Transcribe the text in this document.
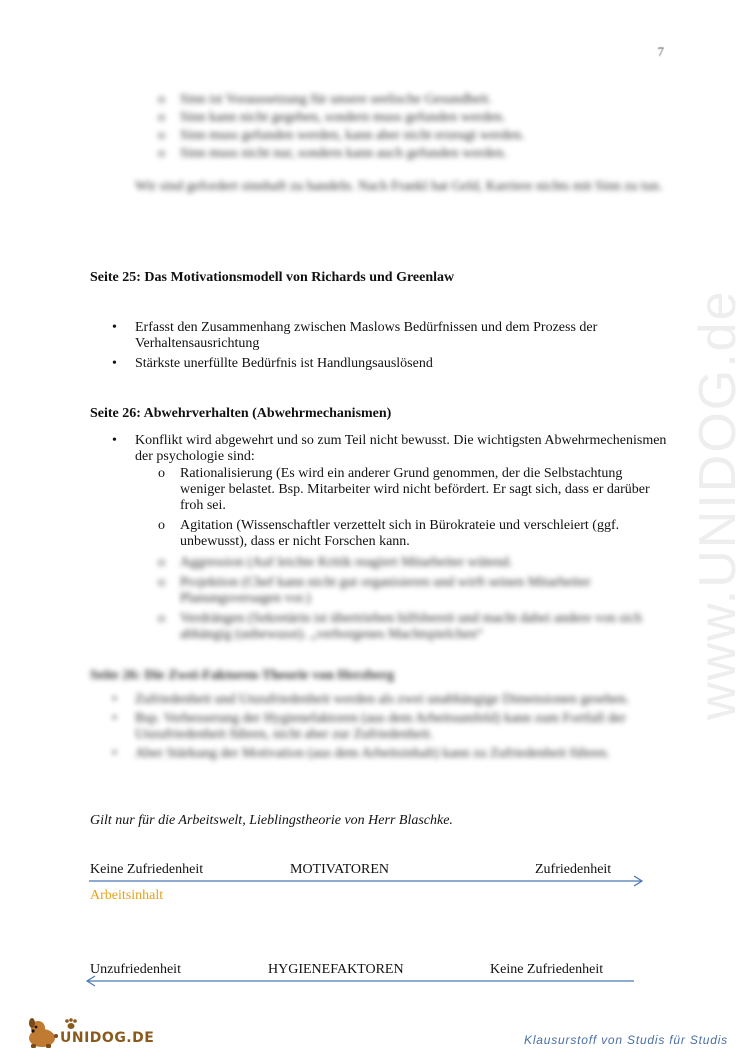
www.UNIDOG.de
7
o Sinn ist Voraussetzung für unsere seelische Gesundheit.
o Sinn kann nicht gegeben, sondern muss gefunden werden.
o Sinn muss gefunden werden, kann aber nicht erzeugt werden.
o Sinn muss nicht nur, sondern kann auch gefunden werden.
Wir sind gefordert sinnhaft zu handeln. Nach Frankl hat Geld, Karriere nichts mit Sinn zu tun.
Seite 25: Das Motivationsmodell von Richards und Greenlaw
• Erfasst den Zusammenhang zwischen Maslows Bedürfnissen und dem Prozess der Verhaltensausrichtung
• Stärkste unerfüllte Bedürfnis ist Handlungsauslösend
Seite 26: Abwehrverhalten (Abwehrmechanismen)
• Konflikt wird abgewehrt und so zum Teil nicht bewusst. Die wichtigsten Abwehrmechenismen der psychologie sind:
o Rationalisierung (Es wird ein anderer Grund genommen, der die Selbstachtung weniger belastet. Bsp. Mitarbeiter wird nicht befördert. Er sagt sich, dass er darüber froh sei.
o Agitation (Wissenschaftler verzettelt sich in Bürokrateie und verschleiert (ggf. unbewusst), dass er nicht Forschen kann.
o Aggression (Auf leichte Kritik reagiert Mitarbeiter wütend.
o Projektion (Chef kann nicht gut organisieren und wirft seinen Mitarbeiter Planungsversagen vor.)
o Verdrängen (Sekretärin ist übertrieben hilfsbereit und macht dabei andere von sich abhängig (unbewusst). „verborgenes Machtspielchen“
Seite 26: Die Zwei-Faktoren-Theorie von Herzberg
• Zufriedenheit und Unzufriedenheit werden als zwei unabhängige Dimensionen gesehen.
• Bsp. Verbesserung der Hygienefaktoren (aus dem Arbeitsumfeld) kann zum Fortfall der Unzufriedenheit führen, nicht aber zur Zufriedenheit.
• Aber Stärkung der Motivation (aus dem Arbeitsinhalt) kann zu Zufriedenheit führen.
Gilt nur für die Arbeitswelt, Lieblingstheorie von Herr Blaschke.
Keine Zufriedenheit	MOTIVATOREN	Zufriedenheit
Arbeitsinhalt
Unzufriedenheit	HYGIENEFAKTOREN	Keine Zufriedenheit
UNIDOG.DE	Klausurstoff von Studis für Studis
